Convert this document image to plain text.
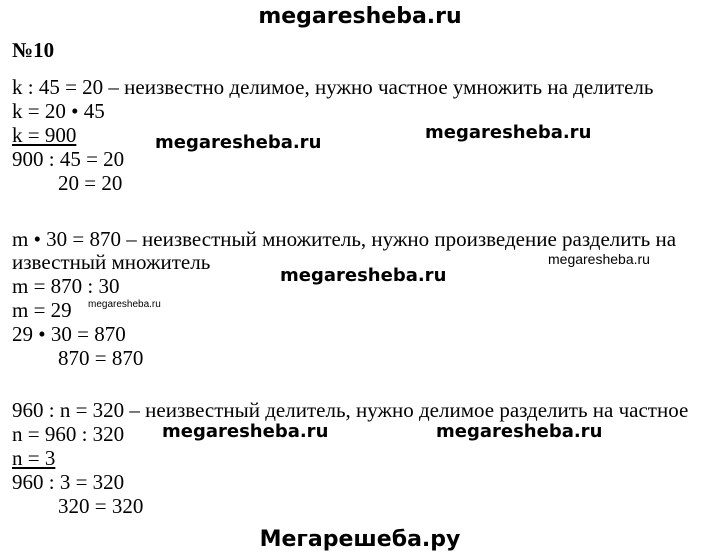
megaresheba.ru
№10
k : 45 = 20 – неизвестно делимое, нужно частное умножить на делитель
k = 20 • 45
k = 900
900 : 45 = 20
20 = 20
m • 30 = 870 – неизвестный множитель, нужно произведение разделить на
известный множитель
m = 870 : 30
m = 29
29 • 30 = 870
870 = 870
960 : n = 320 – неизвестный делитель, нужно делимое разделить на частное
n = 960 : 320
n = 3
960 : 3 = 320
320 = 320
megaresheba.ru	megaresheba.ru
megaresheba.ru
megaresheba.ru
megaresheba.ru
megaresheba.ru	megaresheba.ru
Мегарешеба.ру
